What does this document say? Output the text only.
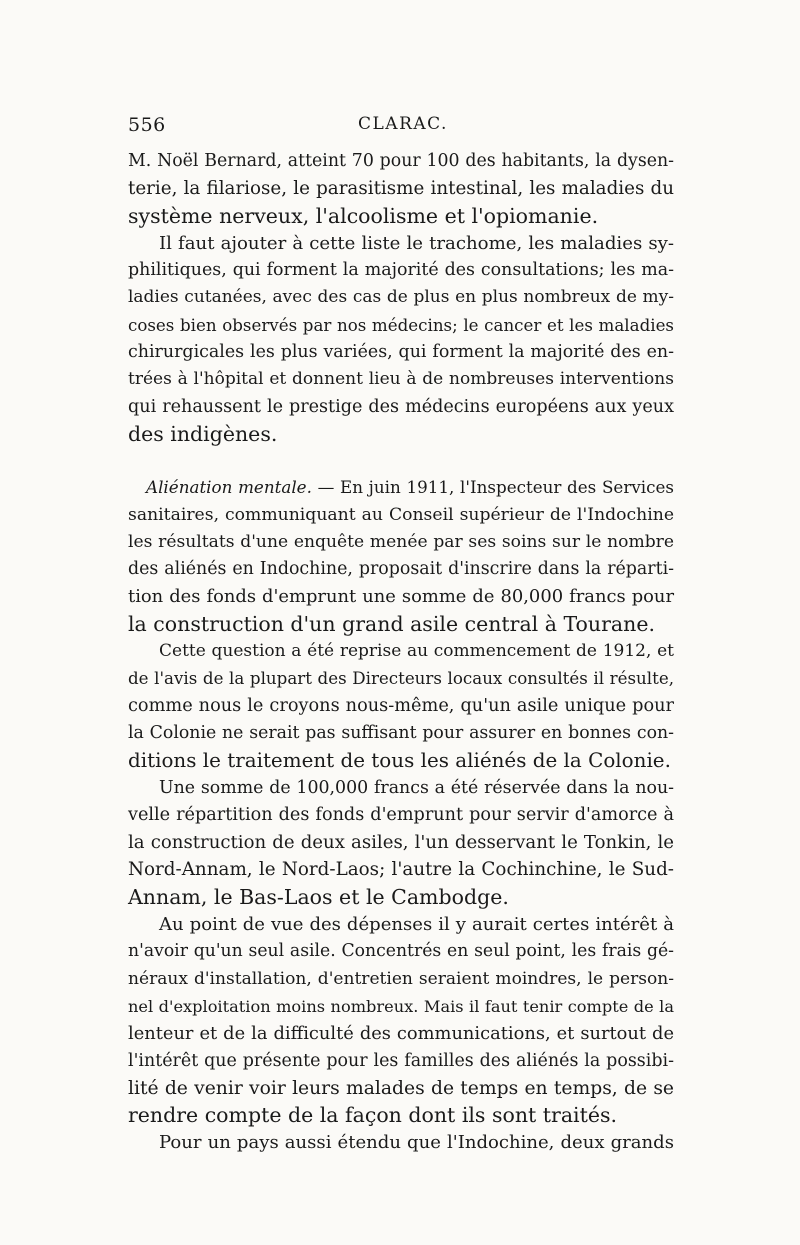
556	CLARAC.
M. Noël Bernard, atteint 70 pour 100 des habitants, la dysen-
terie, la filariose, le parasitisme intestinal, les maladies du
système nerveux, l'alcoolisme et l'opiomanie.
Il faut ajouter à cette liste le trachome, les maladies sy-
philitiques, qui forment la majorité des consultations; les ma-
ladies cutanées, avec des cas de plus en plus nombreux de my-
coses bien observés par nos médecins; le cancer et les maladies
chirurgicales les plus variées, qui forment la majorité des en-
trées à l'hôpital et donnent lieu à de nombreuses interventions
qui rehaussent le prestige des médecins européens aux yeux
des indigènes.
Aliénation mentale. — En juin 1911, l'Inspecteur des Services
sanitaires, communiquant au Conseil supérieur de l'Indochine
les résultats d'une enquête menée par ses soins sur le nombre
des aliénés en Indochine, proposait d'inscrire dans la réparti-
tion des fonds d'emprunt une somme de 80,000 francs pour
la construction d'un grand asile central à Tourane.
Cette question a été reprise au commencement de 1912, et
de l'avis de la plupart des Directeurs locaux consultés il résulte,
comme nous le croyons nous-même, qu'un asile unique pour
la Colonie ne serait pas suffisant pour assurer en bonnes con-
ditions le traitement de tous les aliénés de la Colonie.
Une somme de 100,000 francs a été réservée dans la nou-
velle répartition des fonds d'emprunt pour servir d'amorce à
la construction de deux asiles, l'un desservant le Tonkin, le
Nord-Annam, le Nord-Laos; l'autre la Cochinchine, le Sud-
Annam, le Bas-Laos et le Cambodge.
Au point de vue des dépenses il y aurait certes intérêt à
n'avoir qu'un seul asile. Concentrés en seul point, les frais gé-
néraux d'installation, d'entretien seraient moindres, le person-
nel d'exploitation moins nombreux. Mais il faut tenir compte de la
lenteur et de la difficulté des communications, et surtout de
l'intérêt que présente pour les familles des aliénés la possibi-
lité de venir voir leurs malades de temps en temps, de se
rendre compte de la façon dont ils sont traités.
Pour un pays aussi étendu que l'Indochine, deux grands
